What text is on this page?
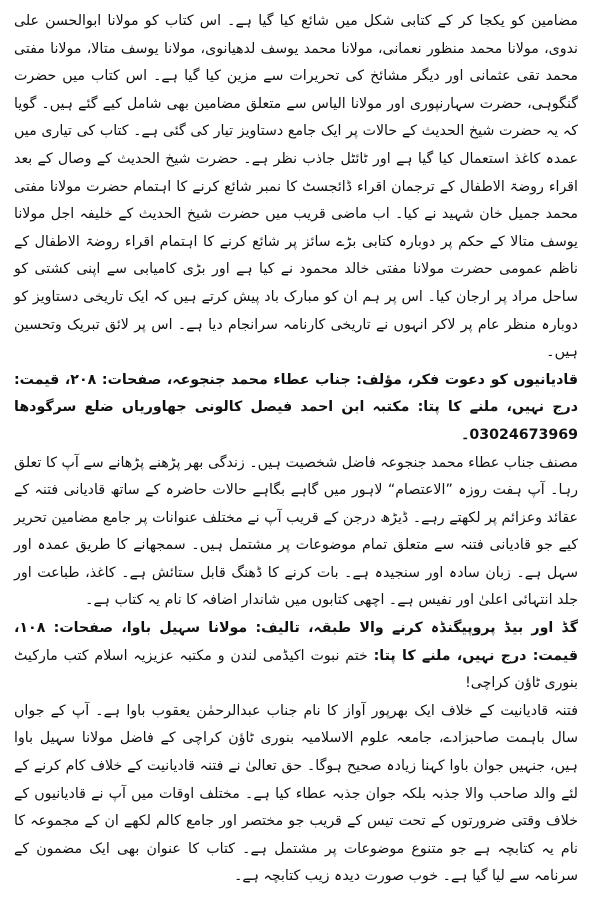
مضامین کو یکجا کر کے کتابی شکل میں شائع کیا گیا ہے۔ اس کتاب کو مولانا ابوالحسن علی ندوی، مولانا محمد منظور نعمانی، مولانا محمد یوسف لدھیانوی، مولانا یوسف متالا، مولانا مفتی محمد تقی عثمانی اور دیگر مشائخ کی تحریرات سے مزین کیا گیا ہے۔ اس کتاب میں حضرت گنگوہی، حضرت سہارنپوری اور مولانا الیاس سے متعلق مضامین بھی شامل کیے گئے ہیں۔ گویا کہ یہ حضرت شیخ الحدیث کے حالات پر ایک جامع دستاویز تیار کی گئی ہے۔ کتاب کی تیاری میں عمدہ کاغذ استعمال کیا گیا ہے اور ٹائٹل جاذب نظر ہے۔ حضرت شیخ الحدیث کے وصال کے بعد اقراء روضۃ الاطفال کے ترجمان اقراء ڈائجسٹ کا نمبر شائع کرنے کا اہتمام حضرت مولانا مفتی محمد جمیل خان شہید نے کیا۔ اب ماضی قریب میں حضرت شیخ الحدیث کے خلیفہ اجل مولانا یوسف متالا کے حکم پر دوبارہ کتابی بڑے سائز پر شائع کرنے کا اہتمام اقراء روضۃ الاطفال کے ناظم عمومی حضرت مولانا مفتی خالد محمود نے کیا ہے اور بڑی کامیابی سے اپنی کشتی کو ساحل مراد پر ارجان کیا۔ اس پر ہم ان کو مبارک باد پیش کرتے ہیں کہ ایک تاریخی دستاویز کو دوبارہ منظر عام پر لاکر انہوں نے تاریخی کارنامہ سرانجام دیا ہے۔ اس پر لائق تبریک وتحسین ہیں۔

قادیانیوں کو دعوت فکر، مؤلف: جناب عطاء محمد جنجوعہ، صفحات: ۲۰۸، قیمت: درج نہیں، ملنے کا پتا: مکتبہ ابن احمد فیصل کالونی جھاوریاں ضلع سرگودھا 03024673969۔

مصنف جناب عطاء محمد جنجوعہ فاضل شخصیت ہیں۔ زندگی بھر پڑھنے پڑھانے سے آپ کا تعلق رہا۔ آپ ہفت روزہ ”الاعتصام“ لاہور میں گاہے بگاہے حالات حاضرہ کے ساتھ قادیانی فتنہ کے عقائد وعزائم پر لکھتے رہے۔ ڈیڑھ درجن کے قریب آپ نے مختلف عنوانات پر جامع مضامین تحریر کیے جو قادیانی فتنہ سے متعلق تمام موضوعات پر مشتمل ہیں۔ سمجھانے کا طریق عمدہ اور سہل ہے۔ زبان سادہ اور سنجیدہ ہے۔ بات کرنے کا ڈھنگ قابل ستائش ہے۔ کاغذ، طباعت اور جلد انتہائی اعلیٰ اور نفیس ہے۔ اچھی کتابوں میں شاندار اضافہ کا نام یہ کتاب ہے۔

گڈ اور بیڈ پروپیگنڈہ کرنے والا طبقہ، تالیف: مولانا سہیل باوا، صفحات: ۱۰۸، قیمت: درج نہیں، ملنے کا پتا: ختم نبوت اکیڈمی لندن و مکتبہ عزیزیہ اسلام کتب مارکیٹ بنوری ٹاؤن کراچی!

فتنہ قادیانیت کے خلاف ایک بھرپور آواز کا نام جناب عبدالرحمٰن یعقوب باوا ہے۔ آپ کے جواں سال باہمت صاحبزادے، جامعہ علوم الاسلامیہ بنوری ٹاؤن کراچی کے فاضل مولانا سہیل باوا ہیں، جنہیں جوان باوا کہنا زیادہ صحیح ہوگا۔ حق تعالیٰ نے فتنہ قادیانیت کے خلاف کام کرنے کے لئے والد صاحب والا جذبہ بلکہ جوان جذبہ عطاء کیا ہے۔ مختلف اوقات میں آپ نے قادیانیوں کے خلاف وقتی ضرورتوں کے تحت تیس کے قریب جو مختصر اور جامع کالم لکھے ان کے مجموعہ کا نام یہ کتابچہ ہے جو متنوع موضوعات پر مشتمل ہے۔ کتاب کا عنوان بھی ایک مضمون کے سرنامہ سے لیا گیا ہے۔ خوب صورت دیدہ زیب کتابچہ ہے۔
